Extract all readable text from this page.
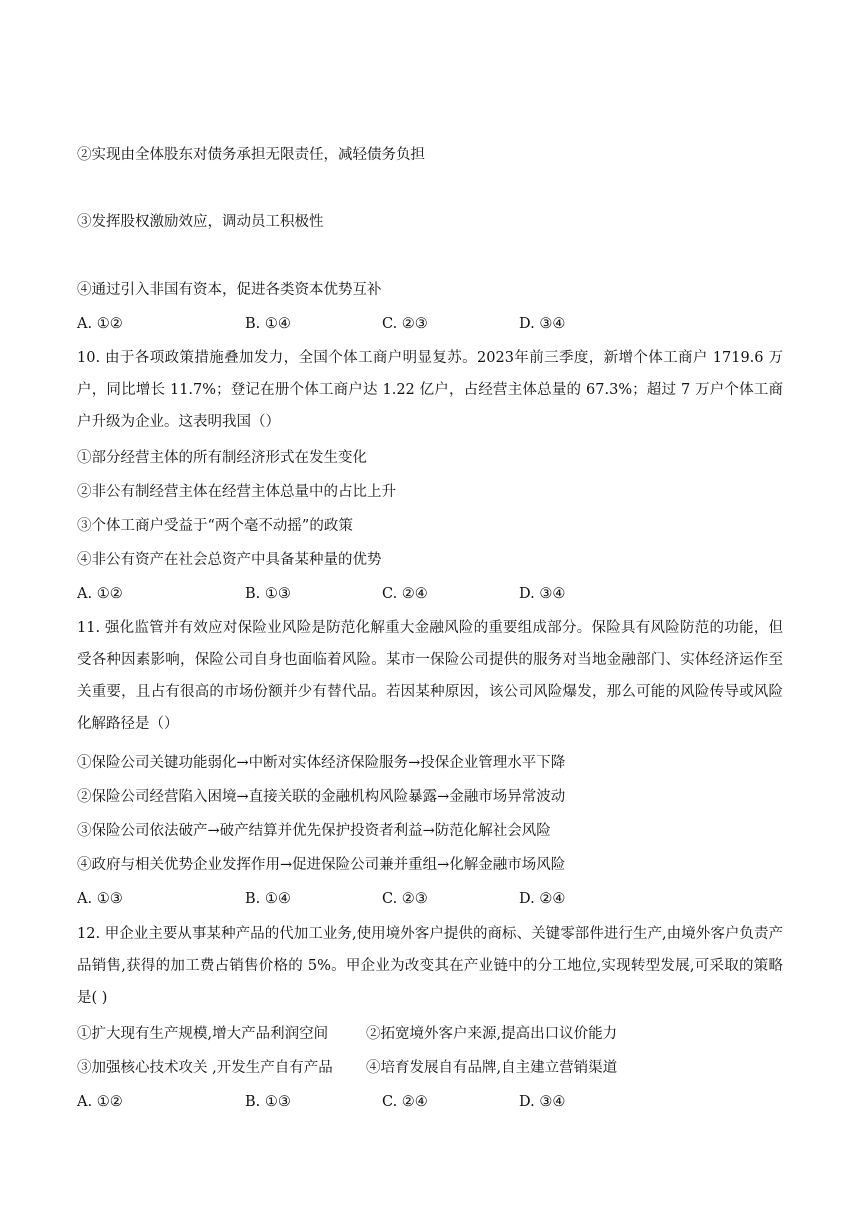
②实现由全体股东对债务承担无限责任，减轻债务负担
③发挥股权激励效应，调动员工积极性
④通过引入非国有资本，促进各类资本优势互补
A. ①②	B. ①④	C. ②③	D. ③④
10. 由于各项政策措施叠加发力，全国个体工商户明显复苏。2023年前三季度，新增个体工商户 1719.6 万户，同比增长 11.7%；登记在册个体工商户达 1.22 亿户，占经营主体总量的 67.3%；超过 7 万户个体工商户升级为企业。这表明我国（）
①部分经营主体的所有制经济形式在发生变化
②非公有制经营主体在经营主体总量中的占比上升
③个体工商户受益于“两个毫不动摇”的政策
④非公有资产在社会总资产中具备某种量的优势
A. ①②	B. ①③	C. ②④	D. ③④
11. 强化监管并有效应对保险业风险是防范化解重大金融风险的重要组成部分。保险具有风险防范的功能，但受各种因素影响，保险公司自身也面临着风险。某市一保险公司提供的服务对当地金融部门、实体经济运作至关重要，且占有很高的市场份额并少有替代品。若因某种原因，该公司风险爆发，那么可能的风险传导或风险化解路径是（）
①保险公司关键功能弱化→中断对实体经济保险服务→投保企业管理水平下降
②保险公司经营陷入困境→直接关联的金融机构风险暴露→金融市场异常波动
③保险公司依法破产→破产结算并优先保护投资者利益→防范化解社会风险
④政府与相关优势企业发挥作用→促进保险公司兼并重组→化解金融市场风险
A. ①③	B. ①④	C. ②③	D. ②④
12. 甲企业主要从事某种产品的代加工业务,使用境外客户提供的商标、关键零部件进行生产,由境外客户负责产品销售,获得的加工费占销售价格的 5%。甲企业为改变其在产业链中的分工地位,实现转型发展,可采取的策略是( )
①扩大现有生产规模,增大产品利润空间	②拓宽境外客户来源,提高出口议价能力
③加强核心技术攻关 ,开发生产自有产品 ④培育发展自有品牌,自主建立营销渠道
A. ①②	B. ①③	C. ②④	D. ③④
